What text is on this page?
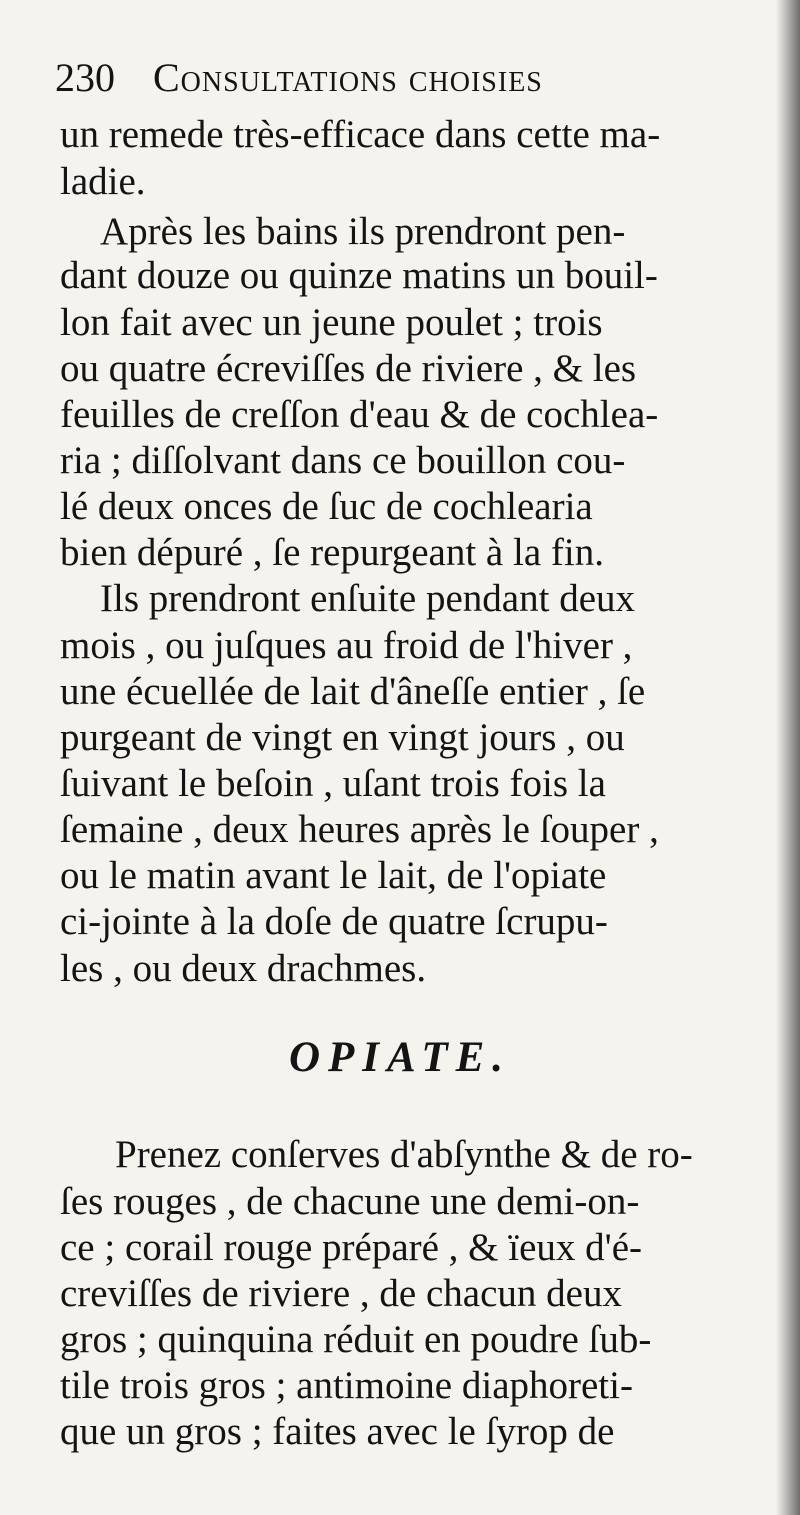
230 Consultations choisies
un remede très-efficace dans cette ma-
ladie.
Après les bains ils prendront pen-
dant douze ou quinze matins un bouil-
lon fait avec un jeune poulet ; trois
ou quatre écreviſſes de riviere , & les
feuilles de creſſon d'eau & de cochlea-
ria ; diſſolvant dans ce bouillon cou-
lé deux onces de ſuc de cochlearia
bien dépuré , ſe repurgeant à la fin.
Ils prendront enſuite pendant deux
mois , ou juſques au froid de l'hiver ,
une écuellée de lait d'âneſſe entier , ſe
purgeant de vingt en vingt jours , ou
ſuivant le beſoin , uſant trois fois la
ſemaine , deux heures après le ſouper ,
ou le matin avant le lait, de l'opiate
ci-jointe à la doſe de quatre ſcrupu-
les , ou deux drachmes.
OPIATE.
Prenez conſerves d'abſynthe & de ro-
ſes rouges , de chacune une demi-on-
ce ; corail rouge préparé , & ïeux d'é-
creviſſes de riviere , de chacun deux
gros ; quinquina réduit en poudre ſub-
tile trois gros ; antimoine diaphoreti-
que un gros ; faites avec le ſyrop de
